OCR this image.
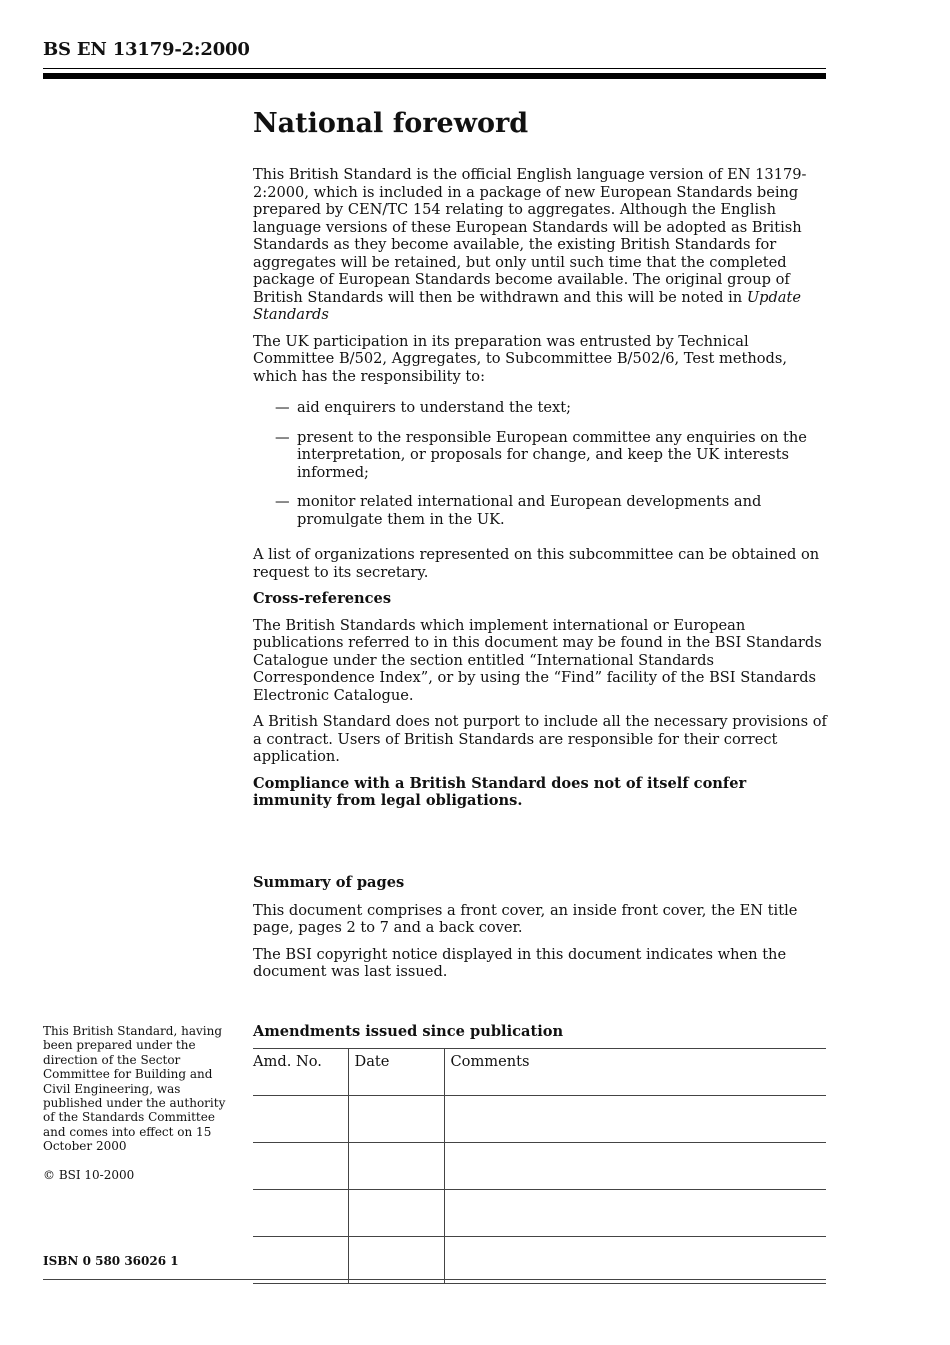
BS EN 13179-2:2000
National foreword

This British Standard is the official English language version of EN 13179-2:2000, which is included in a package of new European Standards being prepared by CEN/TC 154 relating to aggregates. Although the English language versions of these European Standards will be adopted as British Standards as they become available, the existing British Standards for aggregates will be retained, but only until such time that the completed package of European Standards become available. The original group of British Standards will then be withdrawn and this will be noted in Update Standards

The UK participation in its preparation was entrusted by Technical Committee B/502, Aggregates, to Subcommittee B/502/6, Test methods, which has the responsibility to:

— aid enquirers to understand the text;
— present to the responsible European committee any enquiries on the interpretation, or proposals for change, and keep the UK interests informed;
— monitor related international and European developments and promulgate them in the UK.

A list of organizations represented on this subcommittee can be obtained on request to its secretary.

Cross-references

The British Standards which implement international or European publications referred to in this document may be found in the BSI Standards Catalogue under the section entitled “International Standards Correspondence Index”, or by using the “Find” facility of the BSI Standards Electronic Catalogue.

A British Standard does not purport to include all the necessary provisions of a contract. Users of British Standards are responsible for their correct application.

Compliance with a British Standard does not of itself confer immunity from legal obligations.

Summary of pages

This document comprises a front cover, an inside front cover, the EN title page, pages 2 to 7 and a back cover.

The BSI copyright notice displayed in this document indicates when the document was last issued.

This British Standard, having been prepared under the direction of the Sector Committee for Building and Civil Engineering, was published under the authority of the Standards Committee and comes into effect on 15 October 2000
© BSI 10-2000
ISBN 0 580 36026 1
Amendments issued since publication
Amd. No.	Date	Comments
